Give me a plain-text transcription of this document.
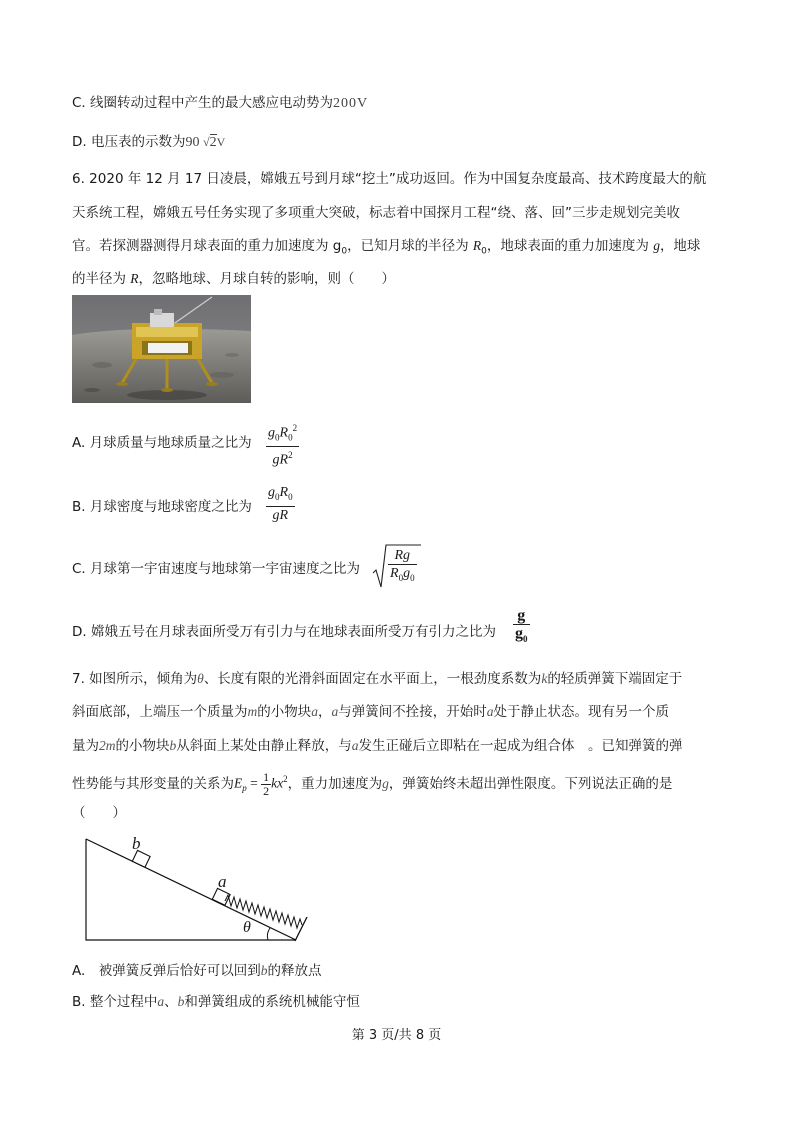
C. 线圈转动过程中产生的最大感应电动势为200V
D. 电压表的示数为90 √2V
6. 2020 年 12 月 17 日凌晨，嫦娥五号到月球“挖土”成功返回。作为中国复杂度最高、技术跨度最大的航
天系统工程，嫦娥五号任务实现了多项重大突破，标志着中国探月工程“绕、落、回”三步走规划完美收
官。若探测器测得月球表面的重力加速度为 $g_0$，已知月球的半径为 $R_0$，地球表面的重力加速度为 g，地球
的半径为 R，忽略地球、月球自转的影响，则（　　）
A. 月球质量与地球质量之比为 $\frac{g_0R_0^2}{gR^2}$
B. 月球密度与地球密度之比为 $\frac{g_0R_0}{gR}$
C. 月球第一宇宙速度与地球第一宇宙速度之比为 $\frac{Rg}{R_0g_0}$
D. 嫦娥五号在月球表面所受万有引力与在地球表面所受万有引力之比为 $\frac{g}{g_0}$
7. 如图所示，倾角为θ、长度有限的光滑斜面固定在水平面上，一根劲度系数为k的轻质弹簧下端固定于
斜面底部，上端压一个质量为m的小物块a，a与弹簧间不拴接，开始时a处于静止状态。现有另一个质
量为2m的小物块b从斜面上某处由静止释放，与a发生正碰后立即粘在一起成为组合体　。已知弹簧的弹
性势能与其形变量的关系为$E_p = \frac{1}{2} kx^2$，重力加速度为g，弹簧始终未超出弹性限度。下列说法正确的是
（　　）
b
a
θ
A.　被弹簧反弹后恰好可以回到b的释放点
B. 整个过程中a、b和弹簧组成的系统机械能守恒
第 3 页/共 8 页
